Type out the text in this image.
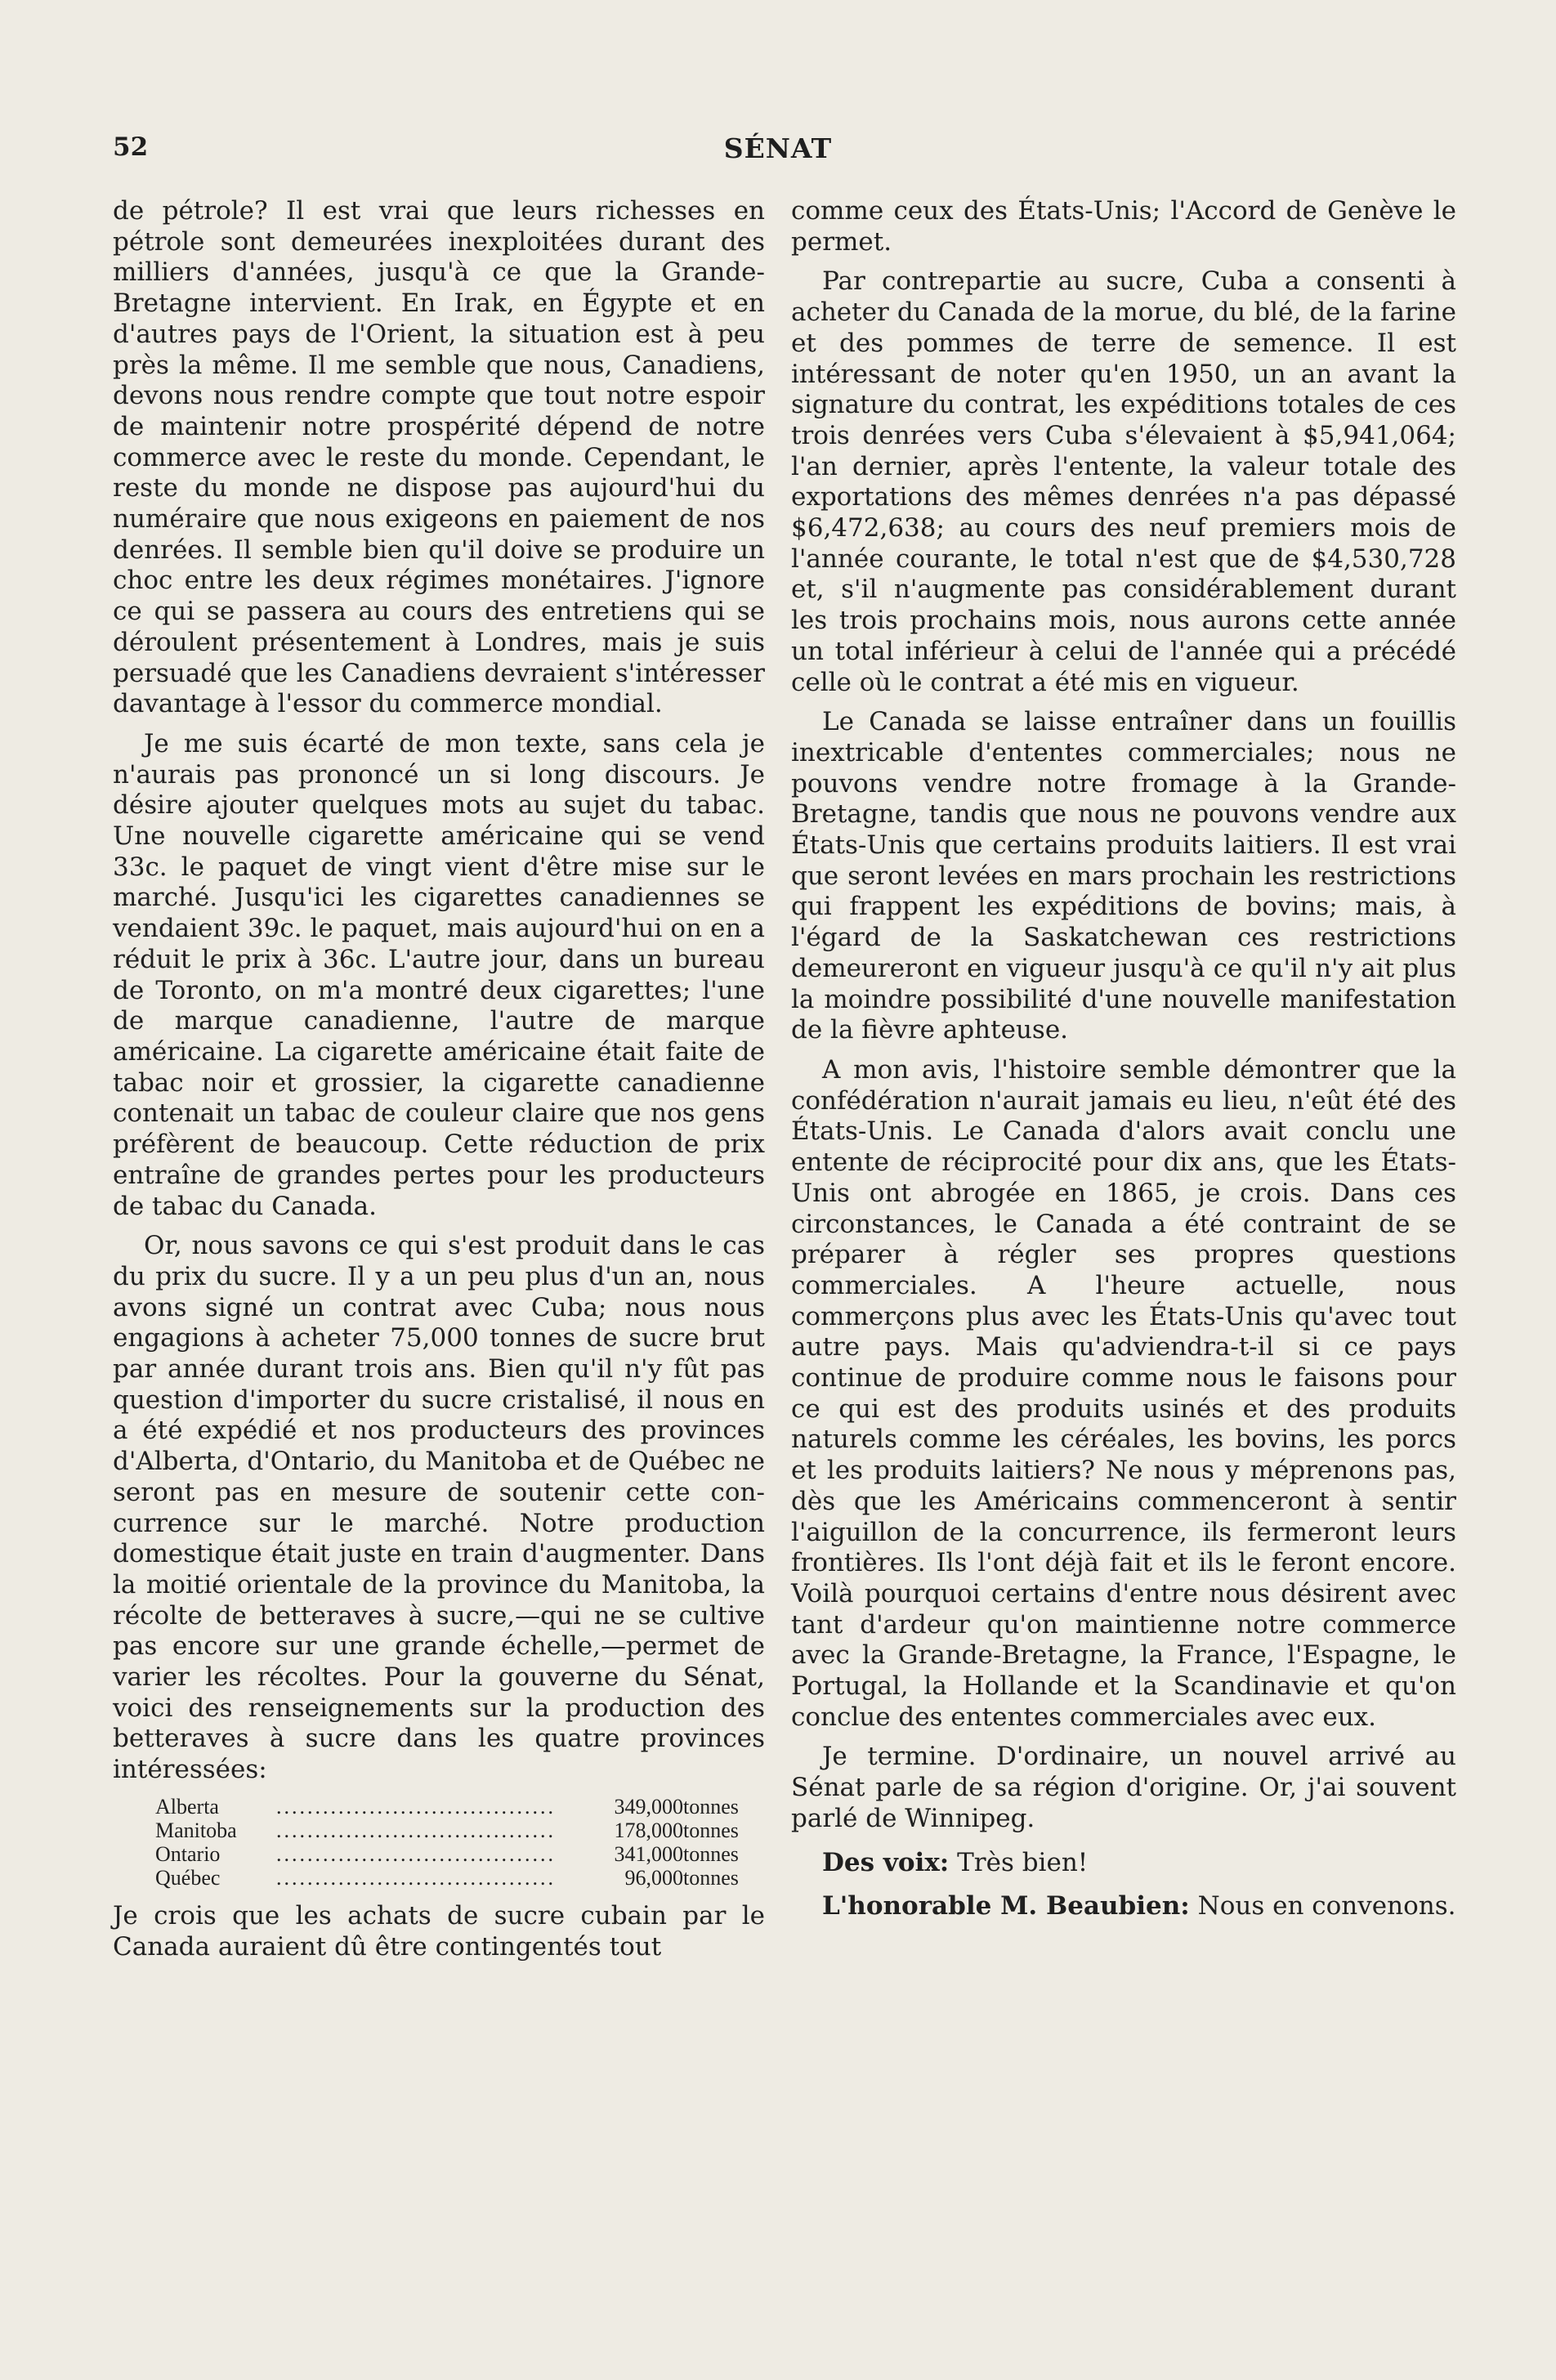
52	SÉNAT

de pétrole? Il est vrai que leurs richesses en pétrole sont demeurées inexploitées durant des milliers d'années, jusqu'à ce que la Grande-Bretagne intervient. En Irak, en Égypte et en d'autres pays de l'Orient, la situation est à peu près la même. Il me semble que nous, Canadiens, devons nous rendre compte que tout notre espoir de maintenir notre prospérité dépend de notre commerce avec le reste du monde. Cependant, le reste du monde ne dispose pas aujourd'hui du numéraire que nous exigeons en paiement de nos denrées. Il semble bien qu'il doive se produire un choc entre les deux régimes monétaires. J'ignore ce qui se passera au cours des entretiens qui se déroulent présentement à Londres, mais je suis persuadé que les Canadiens devraient s'intéresser davantage à l'essor du commerce mondial.

Je me suis écarté de mon texte, sans cela je n'aurais pas prononcé un si long discours. Je désire ajouter quelques mots au sujet du tabac. Une nouvelle cigarette américaine qui se vend 33c. le paquet de vingt vient d'être mise sur le marché. Jusqu'ici les cigarettes canadiennes se vendaient 39c. le paquet, mais aujourd'hui on en a réduit le prix à 36c. L'autre jour, dans un bureau de Toronto, on m'a montré deux cigarettes; l'une de marque canadienne, l'autre de marque américaine. La cigarette américaine était faite de tabac noir et grossier, la cigarette canadienne contenait un tabac de couleur claire que nos gens préfèrent de beaucoup. Cette réduction de prix entraîne de grandes pertes pour les producteurs de tabac du Canada.

Or, nous savons ce qui s'est produit dans le cas du prix du sucre. Il y a un peu plus d'un an, nous avons signé un contrat avec Cuba; nous nous engagions à acheter 75,000 tonnes de sucre brut par année durant trois ans. Bien qu'il n'y fût pas question d'importer du sucre cristalisé, il nous en a été expédié et nos producteurs des provinces d'Alberta, d'Ontario, du Manitoba et de Québec ne seront pas en mesure de soutenir cette concurrence sur le marché. Notre production domestique était juste en train d'augmenter. Dans la moitié orientale de la province du Manitoba, la récolte de betteraves à sucre,—qui ne se cultive pas encore sur une grande échelle,—permet de varier les récoltes. Pour la gouverne du Sénat, voici des renseignements sur la production des betteraves à sucre dans les quatre provinces intéressées:

Alberta	....................................	349,000	tonnes
Manitoba	....................................	178,000	tonnes
Ontario	....................................	341,000	tonnes
Québec	....................................	96,000	tonnes

Je crois que les achats de sucre cubain par le Canada auraient dû être contingentés tout

comme ceux des États-Unis; l'Accord de Genève le permet.

Par contrepartie au sucre, Cuba a consenti à acheter du Canada de la morue, du blé, de la farine et des pommes de terre de semence. Il est intéressant de noter qu'en 1950, un an avant la signature du contrat, les expéditions totales de ces trois denrées vers Cuba s'élevaient à $5,941,064; l'an dernier, après l'entente, la valeur totale des exportations des mêmes denrées n'a pas dépassé $6,472,638; au cours des neuf premiers mois de l'année courante, le total n'est que de $4,530,728 et, s'il n'augmente pas considérablement durant les trois prochains mois, nous aurons cette année un total inférieur à celui de l'année qui a précédé celle où le contrat a été mis en vigueur.

Le Canada se laisse entraîner dans un fouillis inextricable d'ententes commerciales; nous ne pouvons vendre notre fromage à la Grande-Bretagne, tandis que nous ne pouvons vendre aux États-Unis que certains produits laitiers. Il est vrai que seront levées en mars prochain les restrictions qui frappent les expéditions de bovins; mais, à l'égard de la Saskatchewan ces restrictions demeureront en vigueur jusqu'à ce qu'il n'y ait plus la moindre possibilité d'une nouvelle manifestation de la fièvre aphteuse.

A mon avis, l'histoire semble démontrer que la confédération n'aurait jamais eu lieu, n'eût été des États-Unis. Le Canada d'alors avait conclu une entente de réciprocité pour dix ans, que les États-Unis ont abrogée en 1865, je crois. Dans ces circonstances, le Canada a été contraint de se préparer à régler ses propres questions commerciales. A l'heure actuelle, nous commerçons plus avec les États-Unis qu'avec tout autre pays. Mais qu'adviendra-t-il si ce pays continue de produire comme nous le faisons pour ce qui est des produits usinés et des produits naturels comme les céréales, les bovins, les porcs et les produits laitiers? Ne nous y méprenons pas, dès que les Américains commenceront à sentir l'aiguillon de la concurrence, ils fermeront leurs frontières. Ils l'ont déjà fait et ils le feront encore. Voilà pourquoi certains d'entre nous désirent avec tant d'ardeur qu'on maintienne notre commerce avec la Grande-Bretagne, la France, l'Espagne, le Portugal, la Hollande et la Scandinavie et qu'on conclue des ententes commerciales avec eux.

Je termine. D'ordinaire, un nouvel arrivé au Sénat parle de sa région d'origine. Or, j'ai souvent parlé de Winnipeg.

Des voix: Très bien!

L'honorable M. Beaubien: Nous en convenons.
